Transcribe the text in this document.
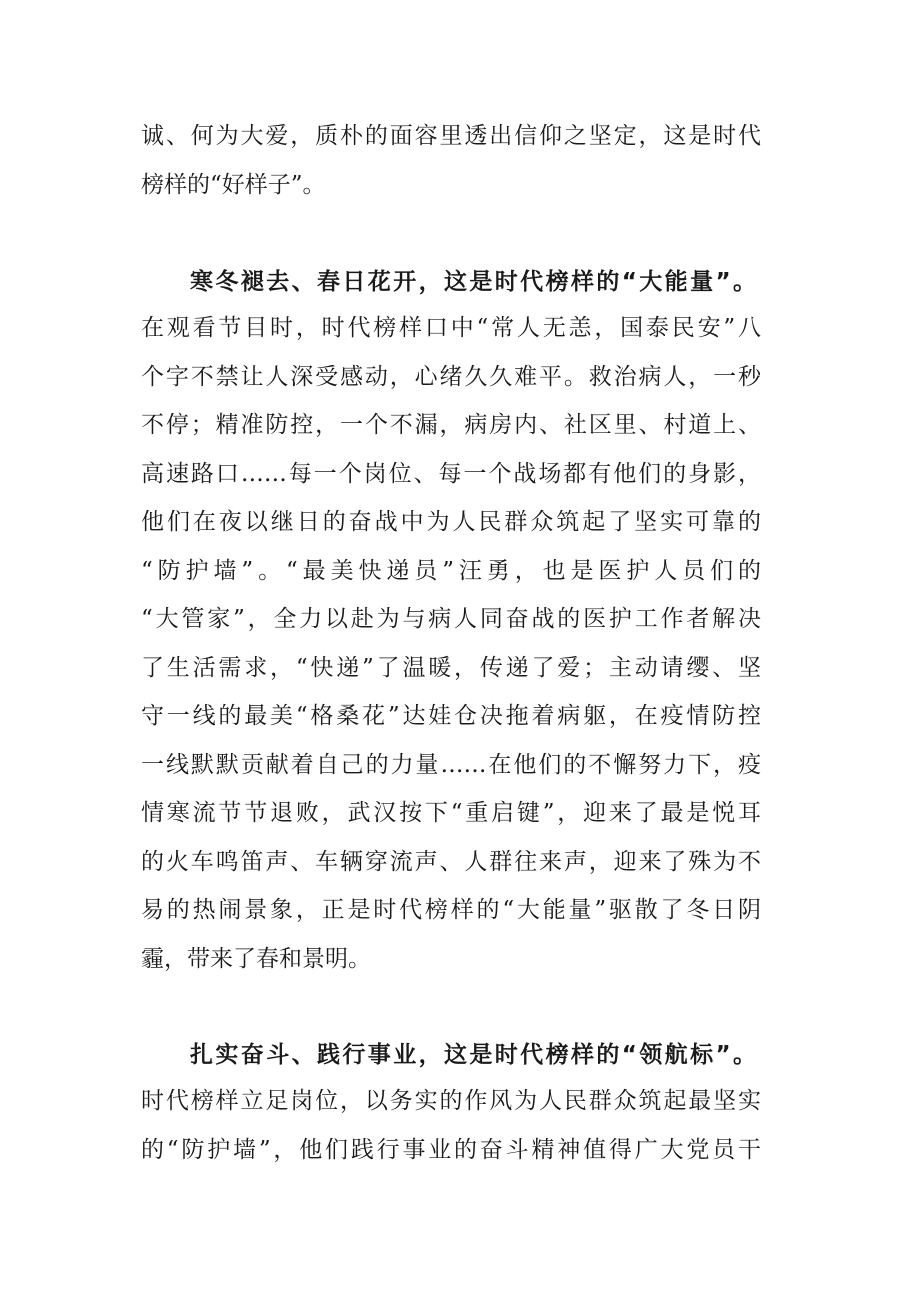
诚、何为大爱，质朴的面容里透出信仰之坚定，这是时代
榜样的“好样子”。
寒冬褪去、春日花开，这是时代榜样的“大能量”。
在观看节目时，时代榜样口中“常人无恙，国泰民安”八
个字不禁让人深受感动，心绪久久难平。救治病人，一秒
不停；精准防控，一个不漏，病房内、社区里、村道上、
高速路口……每一个岗位、每一个战场都有他们的身影，
他们在夜以继日的奋战中为人民群众筑起了坚实可靠的
“防护墙”。“最美快递员”汪勇，也是医护人员们的
“大管家”，全力以赴为与病人同奋战的医护工作者解决
了生活需求，“快递”了温暖，传递了爱；主动请缨、坚
守一线的最美“格桑花”达娃仓决拖着病躯，在疫情防控
一线默默贡献着自己的力量……在他们的不懈努力下，疫
情寒流节节退败，武汉按下“重启键”，迎来了最是悦耳
的火车鸣笛声、车辆穿流声、人群往来声，迎来了殊为不
易的热闹景象，正是时代榜样的“大能量”驱散了冬日阴
霾，带来了春和景明。
扎实奋斗、践行事业，这是时代榜样的“领航标”。
时代榜样立足岗位，以务实的作风为人民群众筑起最坚实
的“防护墙”，他们践行事业的奋斗精神值得广大党员干
